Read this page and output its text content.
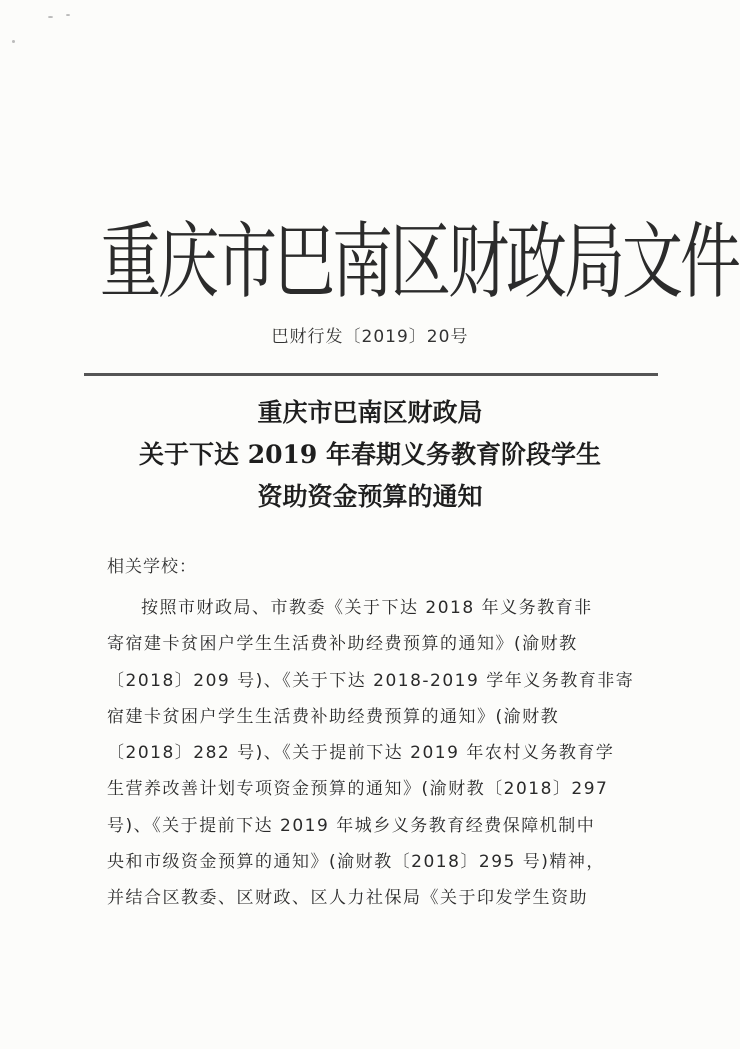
重庆市巴南区财政局文件
巴财行发〔2019〕20号
重庆市巴南区财政局
关于下达 2019 年春期义务教育阶段学生
资助资金预算的通知
相关学校：
按照市财政局、市教委《关于下达 2018 年义务教育非
寄宿建卡贫困户学生生活费补助经费预算的通知》(渝财教
〔2018〕209 号)、《关于下达 2018-2019 学年义务教育非寄
宿建卡贫困户学生生活费补助经费预算的通知》(渝财教
〔2018〕282 号)、《关于提前下达 2019 年农村义务教育学
生营养改善计划专项资金预算的通知》(渝财教〔2018〕297
号)、《关于提前下达 2019 年城乡义务教育经费保障机制中
央和市级资金预算的通知》(渝财教〔2018〕295 号)精神，
并结合区教委、区财政、区人力社保局《关于印发学生资助
